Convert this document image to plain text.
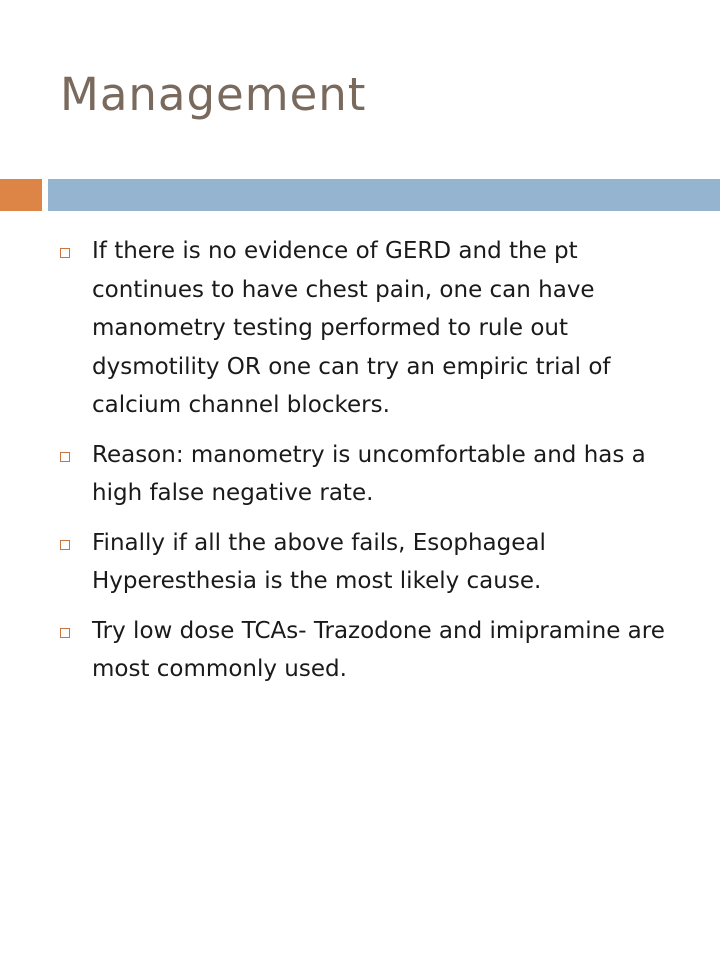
Management
If there is no evidence of GERD and the pt continues to have chest pain, one can have manometry testing performed to rule out dysmotility OR one can try an empiric trial of calcium channel blockers.
Reason: manometry is uncomfortable and has a high false negative rate.
Finally if all the above fails, Esophageal Hyperesthesia is the most likely cause.
Try low dose TCAs- Trazodone and imipramine are most commonly used.
